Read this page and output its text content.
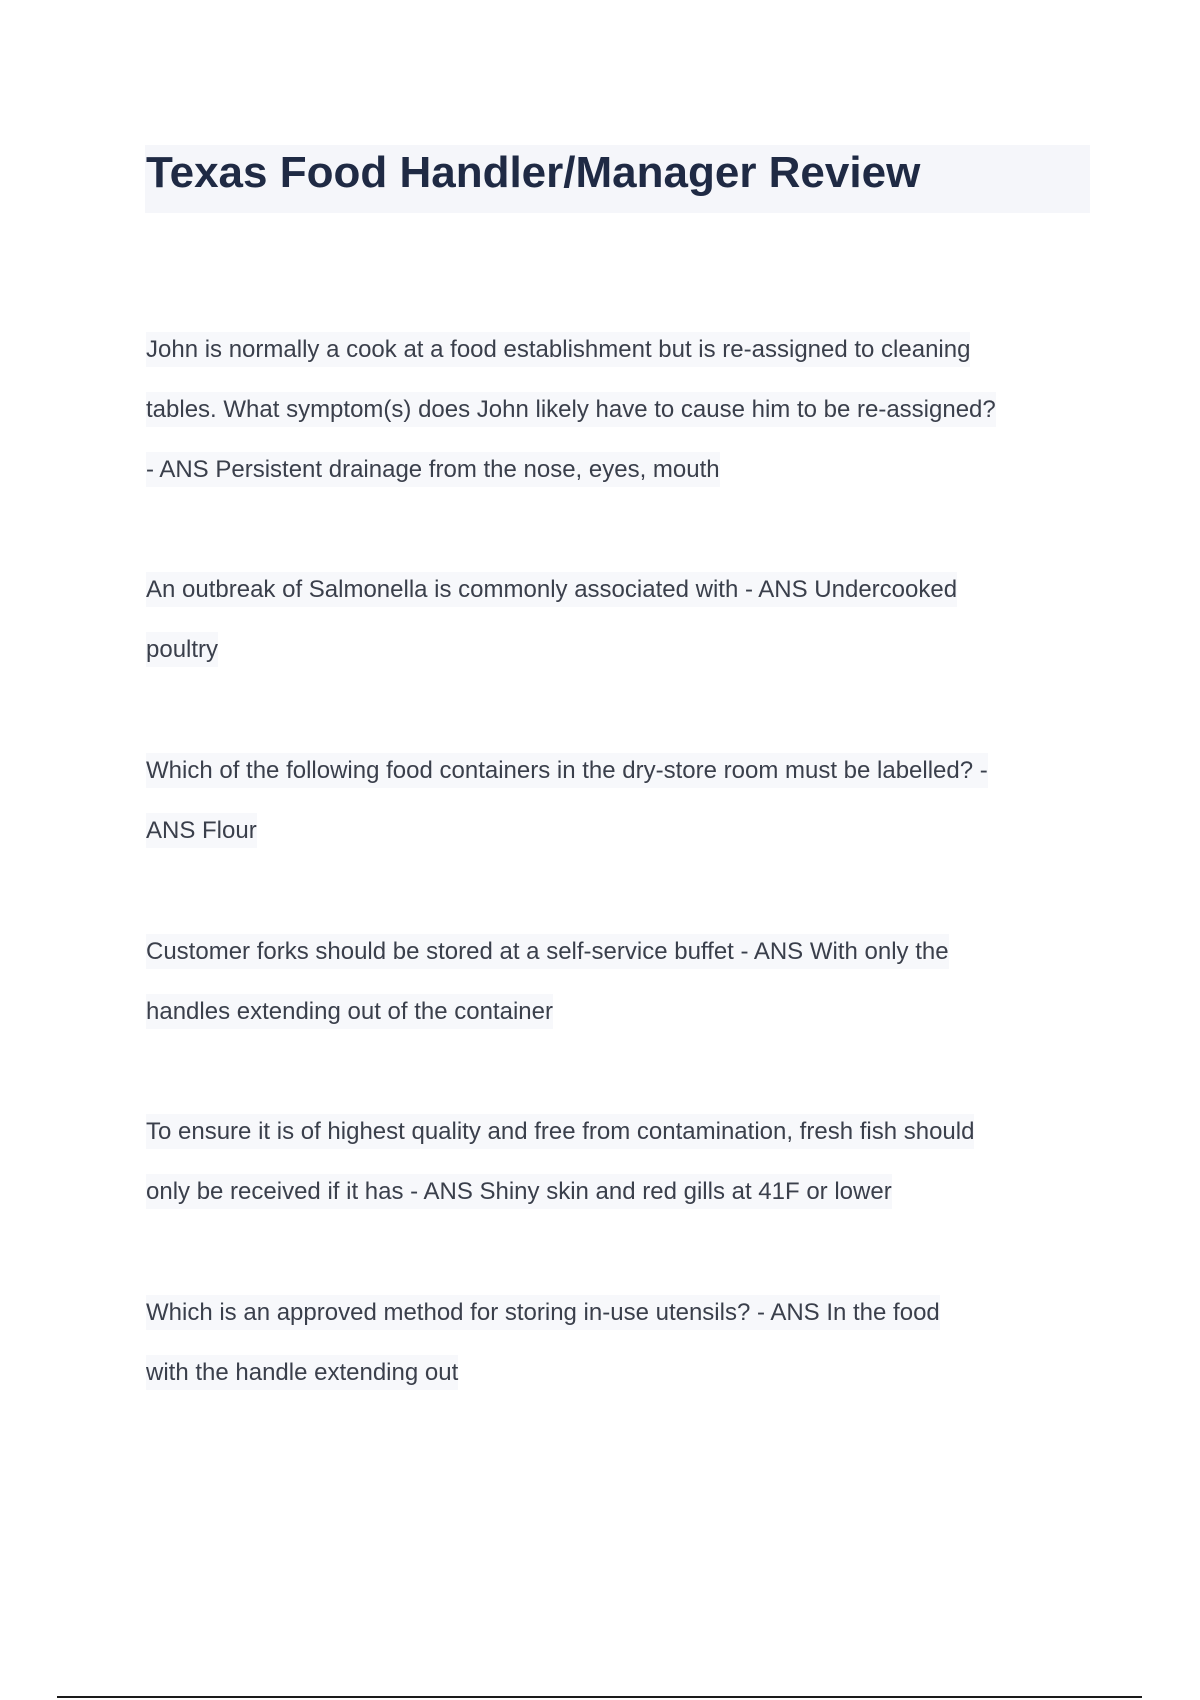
Texas Food Handler/Manager Review
John is normally a cook at a food establishment but is re-assigned to cleaning
tables. What symptom(s) does John likely have to cause him to be re-assigned?
- ANS Persistent drainage from the nose, eyes, mouth
An outbreak of Salmonella is commonly associated with - ANS Undercooked
poultry
Which of the following food containers in the dry-store room must be labelled? -
ANS Flour
Customer forks should be stored at a self-service buffet - ANS With only the
handles extending out of the container
To ensure it is of highest quality and free from contamination, fresh fish should
only be received if it has - ANS Shiny skin and red gills at 41F or lower
Which is an approved method for storing in-use utensils? - ANS In the food
with the handle extending out
